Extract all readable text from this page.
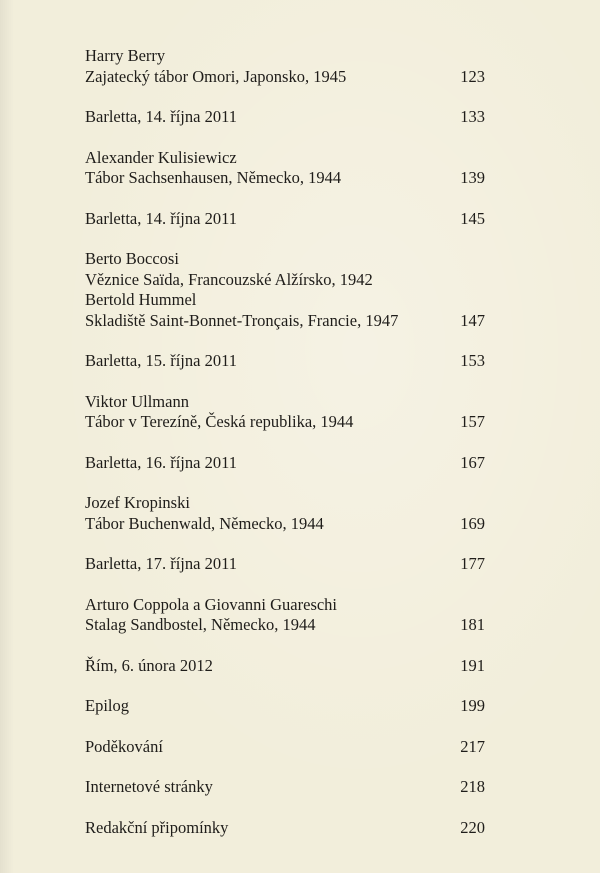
Harry Berry
Zajatecký tábor Omori, Japonsko, 1945	123
Barletta, 14. října 2011	133
Alexander Kulisiewicz
Tábor Sachsenhausen, Německo, 1944	139
Barletta, 14. října 2011	145
Berto Boccosi
Věznice Saïda, Francouzské Alžírsko, 1942
Bertold Hummel
Skladiště Saint-Bonnet-Tronçais, Francie, 1947	147
Barletta, 15. října 2011	153
Viktor Ullmann
Tábor v Terezíně, Česká republika, 1944	157
Barletta, 16. října 2011	167
Jozef Kropinski
Tábor Buchenwald, Německo, 1944	169
Barletta, 17. října 2011	177
Arturo Coppola a Giovanni Guareschi
Stalag Sandbostel, Německo, 1944	181
Řím, 6. února 2012	191
Epilog	199
Poděkování	217
Internetové stránky	218
Redakční připomínky	220
